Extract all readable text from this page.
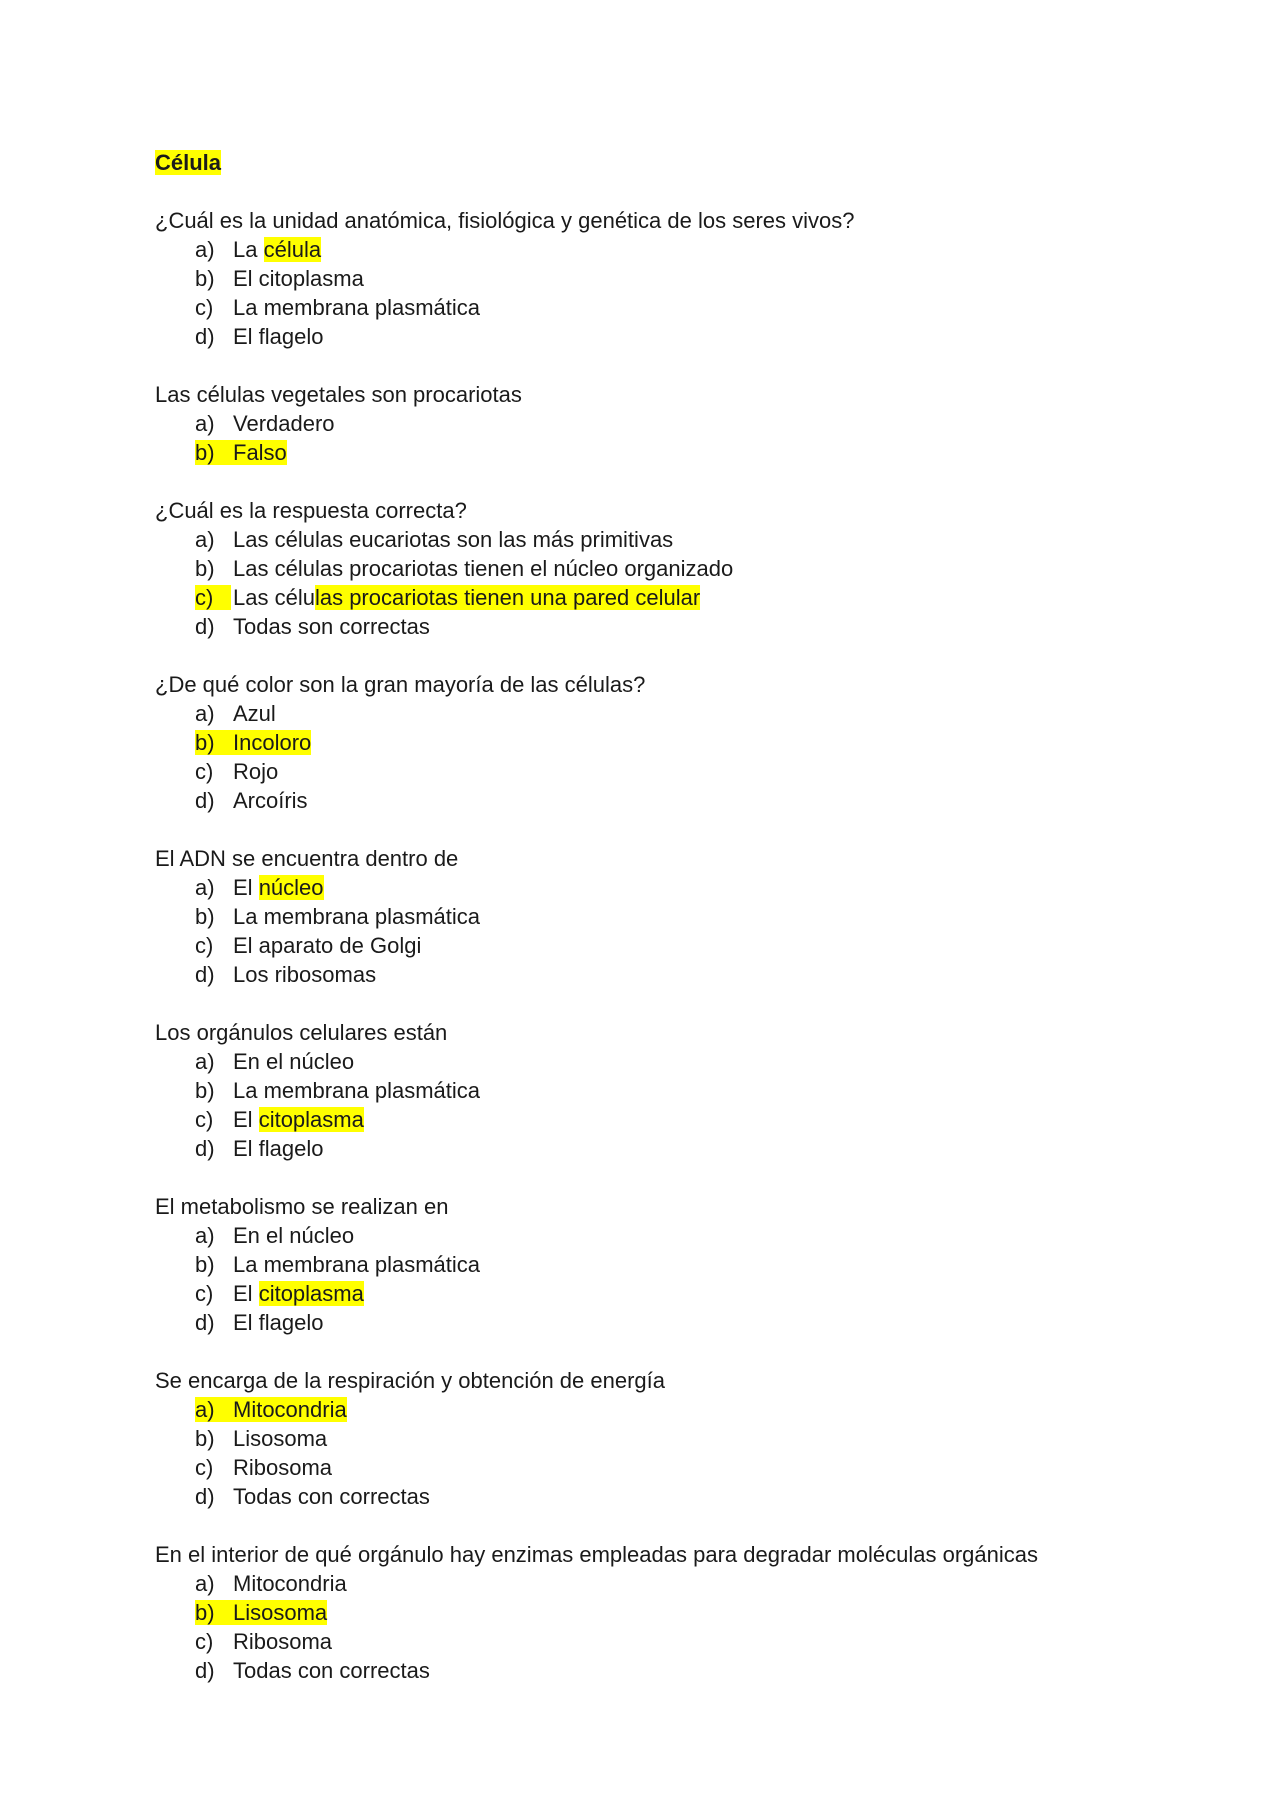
Célula

¿Cuál es la unidad anatómica, fisiológica y genética de los seres vivos?

a) La célula
b) El citoplasma
c) La membrana plasmática
d) El flagelo

Las células vegetales son procariotas

a) Verdadero
b) Falso

¿Cuál es la respuesta correcta?

a) Las células eucariotas son las más primitivas
b) Las células procariotas tienen el núcleo organizado
c) Las células procariotas tienen una pared celular
d) Todas son correctas

¿De qué color son la gran mayoría de las células?

a) Azul
b) Incoloro
c) Rojo
d) Arcoíris

El ADN se encuentra dentro de

a) El núcleo
b) La membrana plasmática
c) El aparato de Golgi
d) Los ribosomas

Los orgánulos celulares están

a) En el núcleo
b) La membrana plasmática
c) El citoplasma
d) El flagelo

El metabolismo se realizan en

a) En el núcleo
b) La membrana plasmática
c) El citoplasma
d) El flagelo

Se encarga de la respiración y obtención de energía

a) Mitocondria
b) Lisosoma
c) Ribosoma
d) Todas con correctas

En el interior de qué orgánulo hay enzimas empleadas para degradar moléculas orgánicas

a) Mitocondria
b) Lisosoma
c) Ribosoma
d) Todas con correctas
